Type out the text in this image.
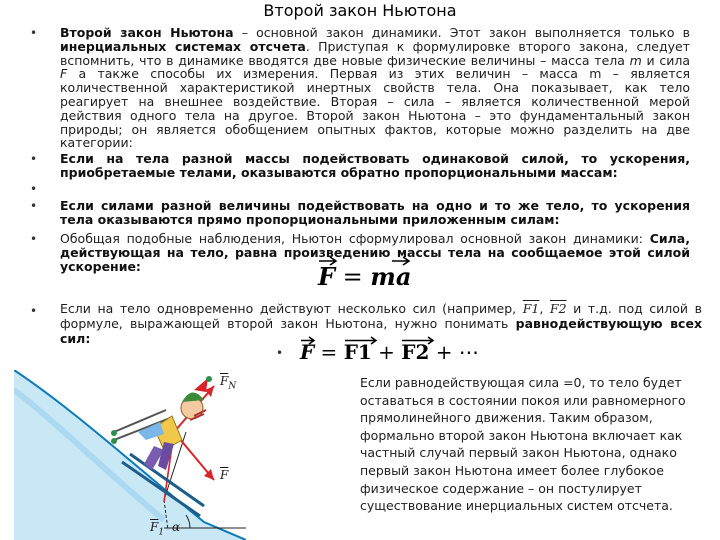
Второй закон Ньютона
• Второй закон Ньютона – основной закон динамики. Этот закон выполняется только в инерциальных системах отсчета. Приступая к формулировке второго закона, следует вспомнить, что в динамике вводятся две новые физические величины – масса тела m и сила F а также способы их измерения. Первая из этих величин – масса m – является количественной характеристикой инертных свойств тела. Она показывает, как тело реагирует на внешнее воздействие. Вторая – сила – является количественной мерой действия одного тела на другое. Второй закон Ньютона – это фундаментальный закон природы; он является обобщением опытных фактов, которые можно разделить на две категории:
• Если на тела разной массы подействовать одинаковой силой, то ускорения, приобретаемые телами, оказываются обратно пропорциональными массам:
•
• Если силами разной величины подействовать на одно и то же тело, то ускорения тела оказываются прямо пропорциональными приложенным силам:
• Обобщая подобные наблюдения, Ньютон сформулировал основной закон динамики: Сила, действующая на тело, равна произведению массы тела на сообщаемое этой силой ускорение:	F =
ma
• Если на тело одновременно действуют несколько сил (например, F1, F2 и т.д. под силой в формуле, выражающей второй закон Ньютона, нужно понимать равнодействующую всех сил:
• F =
F1 +
F2 + ⋯
$\overline{F}_N$
$\overline{F}$
$\overline{F}_1$ α
Если равнодействующая сила =0, то тело будет оставаться в состоянии покоя или равномерного прямолинейного движения. Таким образом, формально второй закон Ньютона включает как частный случай первый закон Ньютона, однако первый закон Ньютона имеет более глубокое физическое содержание – он постулирует существование инерциальных систем отсчета.
